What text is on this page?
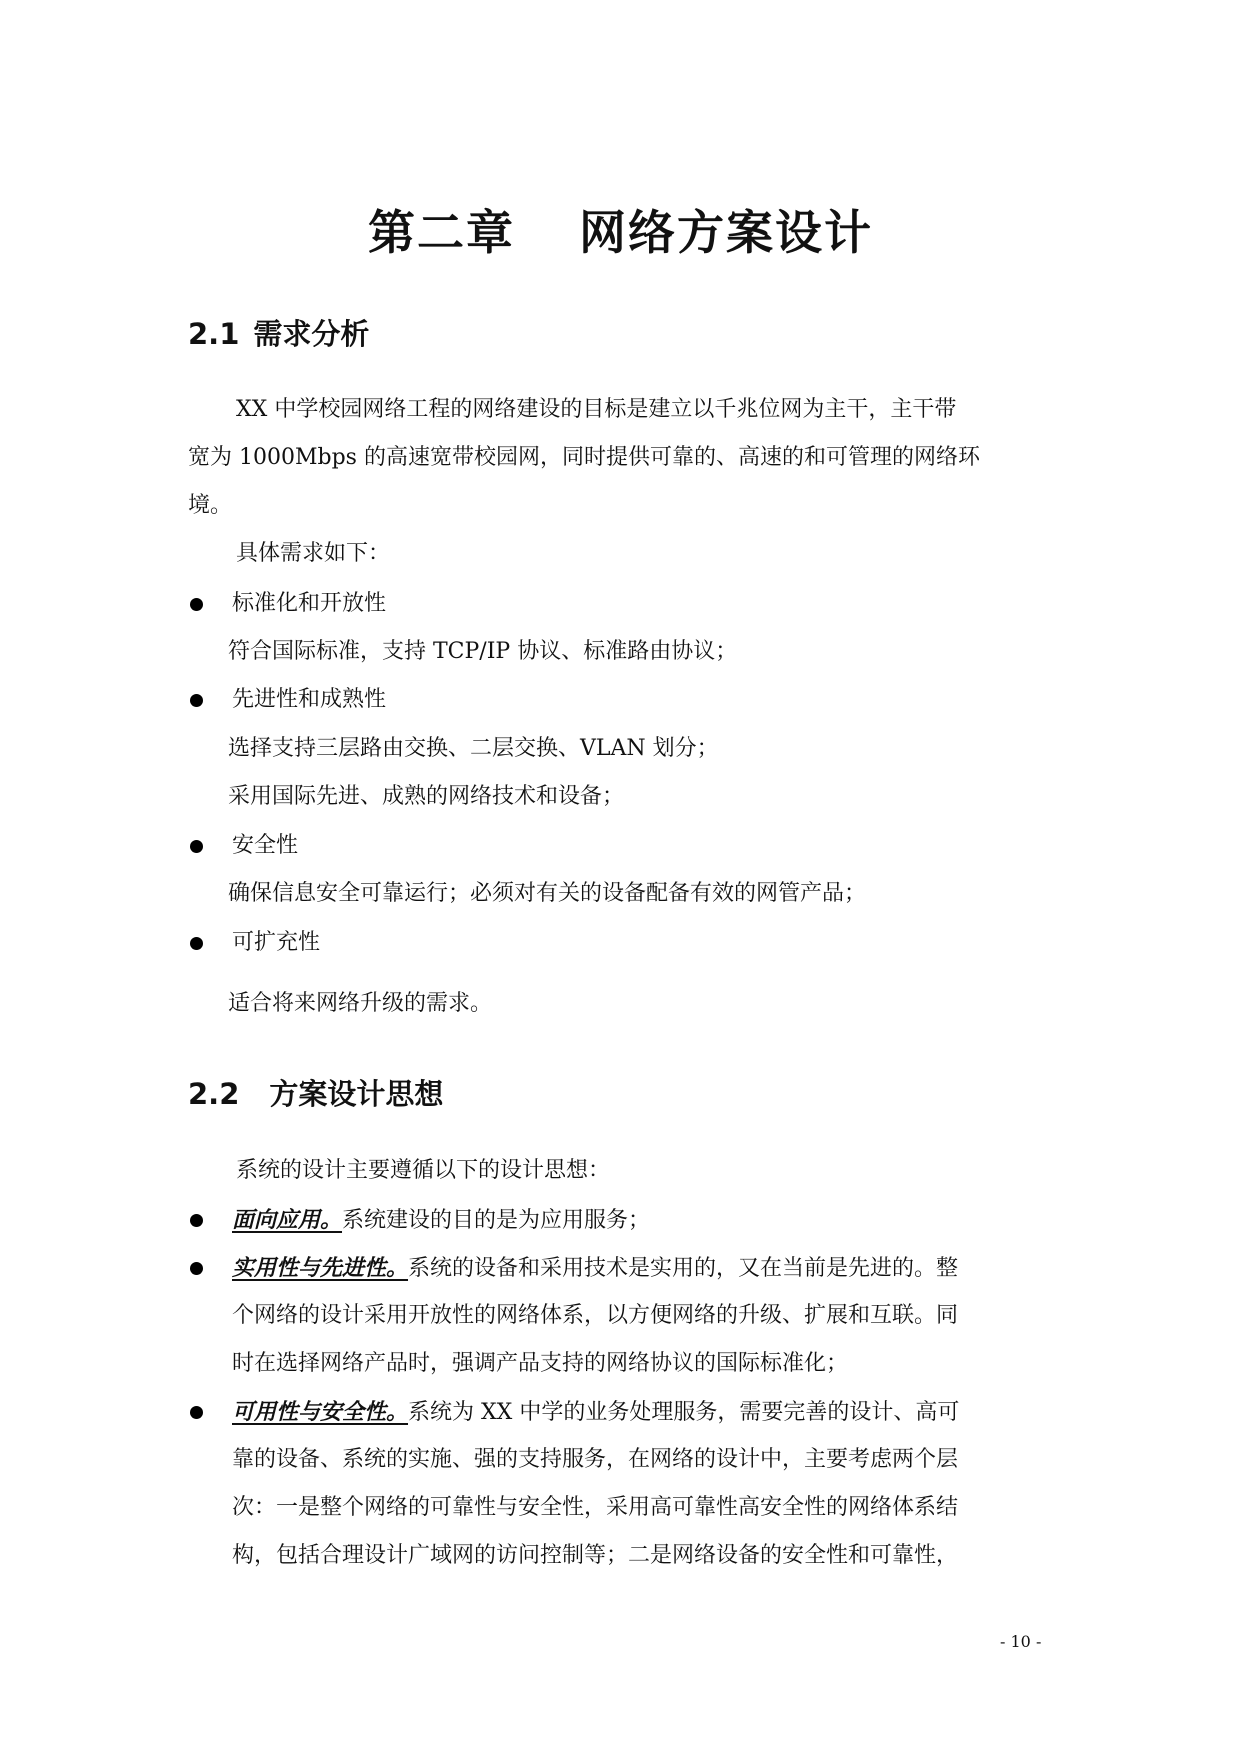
第二章 网络方案设计
2.1 需求分析

XX 中学校园网络工程的网络建设的目标是建立以千兆位网为主干，主干带

宽为 1000Mbps 的高速宽带校园网，同时提供可靠的、高速的和可管理的网络环

境。

具体需求如下：

标准化和开放性

符合国际标准，支持 TCP/IP 协议、标准路由协议；

先进性和成熟性

选择支持三层路由交换、二层交换、VLAN 划分；

采用国际先进、成熟的网络技术和设备；

安全性

确保信息安全可靠运行；必须对有关的设备配备有效的网管产品；

可扩充性

适合将来网络升级的需求。

2.2 方案设计思想

系统的设计主要遵循以下的设计思想：

面向应用。系统建设的目的是为应用服务；

实用性与先进性。系统的设备和采用技术是实用的，又在当前是先进的。整

个网络的设计采用开放性的网络体系，以方便网络的升级、扩展和互联。同

时在选择网络产品时，强调产品支持的网络协议的国际标准化；

可用性与安全性。系统为 XX 中学的业务处理服务，需要完善的设计、高可

靠的设备、系统的实施、强的支持服务，在网络的设计中，主要考虑两个层

次：一是整个网络的可靠性与安全性，采用高可靠性高安全性的网络体系结

构，包括合理设计广域网的访问控制等；二是网络设备的安全性和可靠性，

- 10 -
